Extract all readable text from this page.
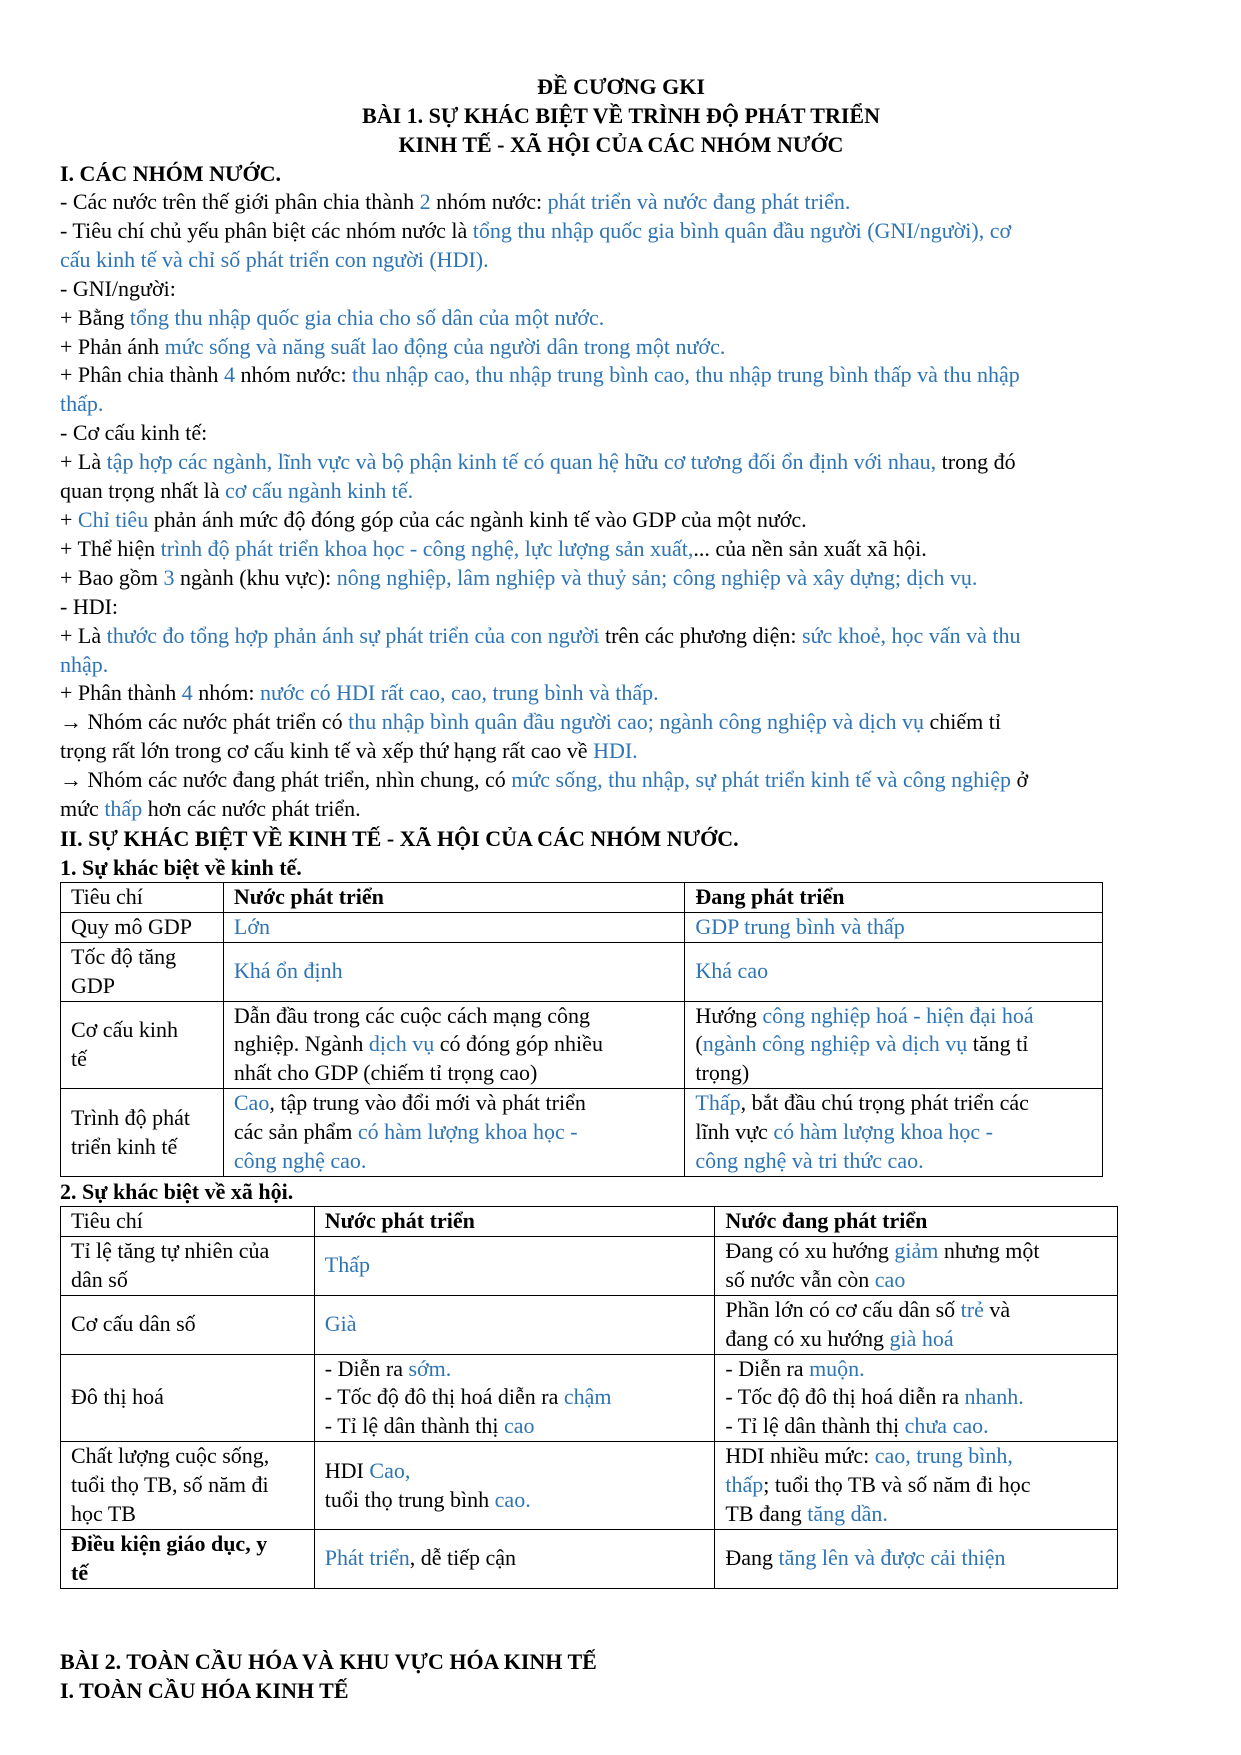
ĐỀ CƯƠNG GKI
BÀI 1. SỰ KHÁC BIỆT VỀ TRÌNH ĐỘ PHÁT TRIỂN
KINH TẾ - XÃ HỘI CỦA CÁC NHÓM NƯỚC
I. CÁC NHÓM NƯỚC.

- Các nước trên thế giới phân chia thành 2 nhóm nước: phát triển và nước đang phát triển.

- Tiêu chí chủ yếu phân biệt các nhóm nước là tổng thu nhập quốc gia bình quân đầu người (GNI/người), cơ

cấu kinh tế và chỉ số phát triển con người (HDI).

- GNI/người:

+ Bằng tổng thu nhập quốc gia chia cho số dân của một nước.

+ Phản ánh mức sống và năng suất lao động của người dân trong một nước.

+ Phân chia thành 4 nhóm nước: thu nhập cao, thu nhập trung bình cao, thu nhập trung bình thấp và thu nhập

thấp.

- Cơ cấu kinh tế:

+ Là tập hợp các ngành, lĩnh vực và bộ phận kinh tế có quan hệ hữu cơ tương đối ổn định với nhau, trong đó

quan trọng nhất là cơ cấu ngành kinh tế.

+ Chỉ tiêu phản ánh mức độ đóng góp của các ngành kinh tế vào GDP của một nước.

+ Thể hiện trình độ phát triển khoa học - công nghệ, lực lượng sản xuất,... của nền sản xuất xã hội.

+ Bao gồm 3 ngành (khu vực): nông nghiệp, lâm nghiệp và thuỷ sản; công nghiệp và xây dựng; dịch vụ.

- HDI:

+ Là thước đo tổng hợp phản ánh sự phát triển của con người trên các phương diện: sức khoẻ, học vấn và thu

nhập.

+ Phân thành 4 nhóm: nước có HDI rất cao, cao, trung bình và thấp.

→ Nhóm các nước phát triển có thu nhập bình quân đầu người cao; ngành công nghiệp và dịch vụ chiếm tỉ

trọng rất lớn trong cơ cấu kinh tế và xếp thứ hạng rất cao về HDI.

→ Nhóm các nước đang phát triển, nhìn chung, có mức sống, thu nhập, sự phát triển kinh tế và công nghiệp ở

mức thấp hơn các nước phát triển.

II. SỰ KHÁC BIỆT VỀ KINH TẾ - XÃ HỘI CỦA CÁC NHÓM NƯỚC.
1. Sự khác biệt về kinh tế.
Tiêu chí	Nước phát triển	Đang phát triển
Quy mô GDP	Lớn	GDP trung bình và thấp
Tốc độ tăng
GDP	Khá ổn định	Khá cao
Cơ cấu kinh
tế	Dẫn đầu trong các cuộc cách mạng công
nghiệp. Ngành dịch vụ có đóng góp nhiều
nhất cho GDP (chiếm tỉ trọng cao)	Hướng công nghiệp hoá - hiện đại hoá
(ngành công nghiệp và dịch vụ tăng tỉ
trọng)
Trình độ phát
triển kinh tế	Cao, tập trung vào đổi mới và phát triển
các sản phẩm có hàm lượng khoa học -
công nghệ cao.	Thấp, bắt đầu chú trọng phát triển các
lĩnh vực có hàm lượng khoa học -
công nghệ và tri thức cao.
2. Sự khác biệt về xã hội.
Tiêu chí	Nước phát triển	Nước đang phát triển
Tỉ lệ tăng tự nhiên của
dân số	Thấp	Đang có xu hướng giảm nhưng một
số nước vẫn còn cao
Cơ cấu dân số	Già	Phần lớn có cơ cấu dân số trẻ và
đang có xu hướng già hoá
Đô thị hoá	- Diễn ra sớm.
- Tốc độ đô thị hoá diễn ra chậm
- Tỉ lệ dân thành thị cao	- Diễn ra muộn.
- Tốc độ đô thị hoá diễn ra nhanh.
- Tỉ lệ dân thành thị chưa cao.
Chất lượng cuộc sống,
tuổi thọ TB, số năm đi
học TB	HDI Cao,
tuổi thọ trung bình cao.	HDI nhiều mức: cao, trung bình,
thấp; tuổi thọ TB và số năm đi học
TB đang tăng dần.
Điều kiện giáo dục, y
tế	Phát triển, dễ tiếp cận	Đang tăng lên và được cải thiện
BÀI 2. TOÀN CẦU HÓA VÀ KHU VỰC HÓA KINH TẾ
I. TOÀN CẦU HÓA KINH TẾ
